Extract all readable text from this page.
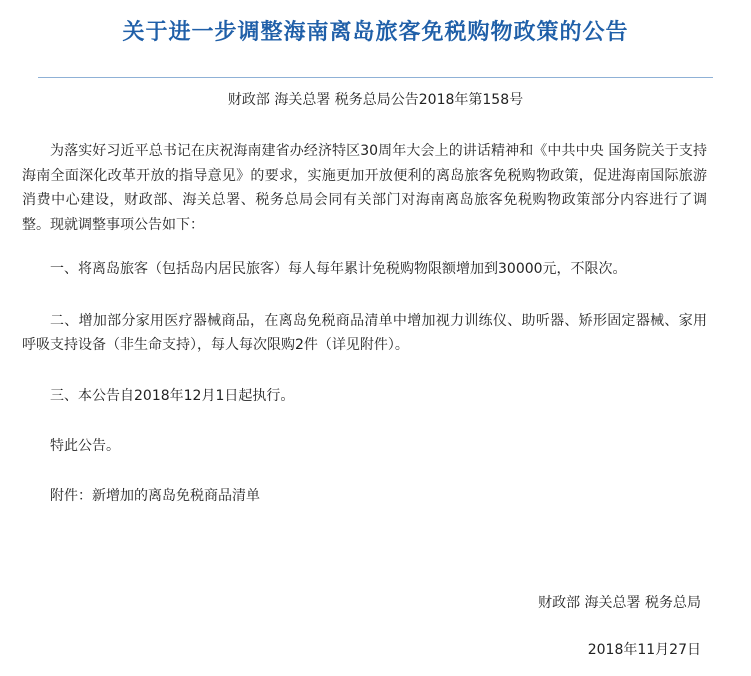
关于进一步调整海南离岛旅客免税购物政策的公告
财政部 海关总署 税务总局公告2018年第158号

为落实好习近平总书记在庆祝海南建省办经济特区30周年大会上的讲话精神和《中共中央 国务院关于支持海南全面深化改革开放的指导意见》的要求，实施更加开放便利的离岛旅客免税购物政策，促进海南国际旅游消费中心建设，财政部、海关总署、税务总局会同有关部门对海南离岛旅客免税购物政策部分内容进行了调整。现就调整事项公告如下：

一、将离岛旅客（包括岛内居民旅客）每人每年累计免税购物限额增加到30000元，不限次。

二、增加部分家用医疗器械商品，在离岛免税商品清单中增加视力训练仪、助听器、矫形固定器械、家用呼吸支持设备（非生命支持），每人每次限购2件（详见附件）。

三、本公告自2018年12月1日起执行。

特此公告。

附件：新增加的离岛免税商品清单

财政部 海关总署 税务总局
2018年11月27日
